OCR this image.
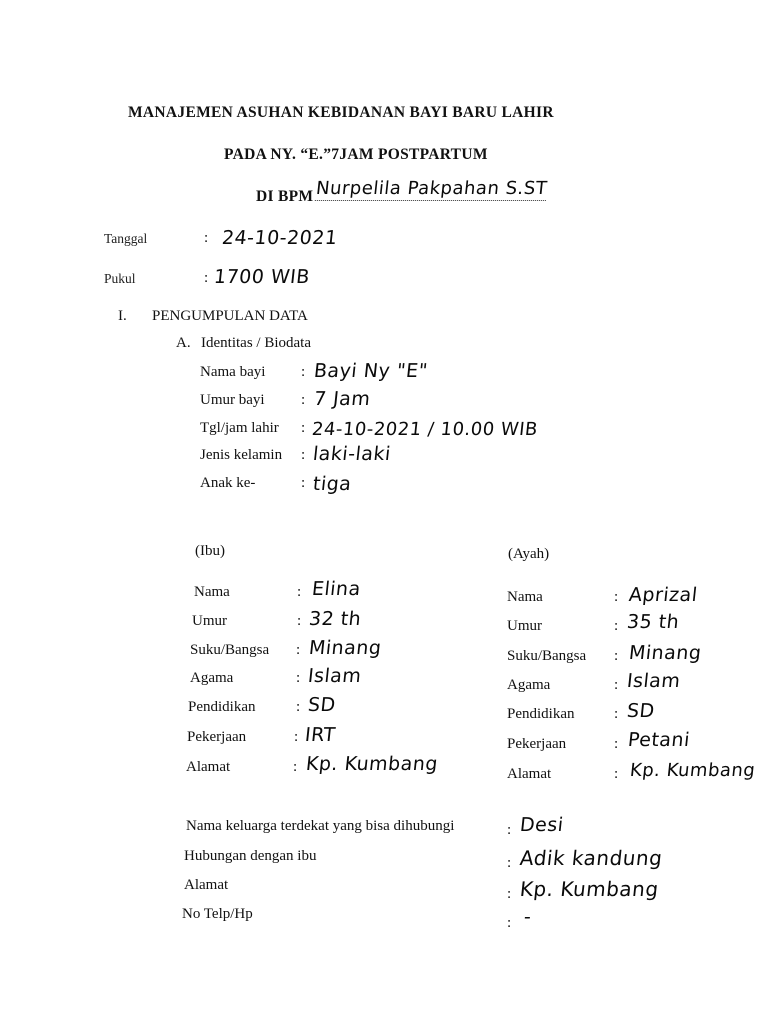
MANAJEMEN ASUHAN KEBIDANAN BAYI BARU LAHIR
PADA NY. “E.”7JAM POSTPARTUM
DI BPM Nurpelila Pakpahan S.ST
Tanggal	: 24-10-2021
Pukul	: 1700 WIB
I. PENGUMPULAN DATA
A. Identitas / Biodata
Nama bayi : Bayi Ny "E"
Umur bayi : 7 Jam
Tgl/jam lahir : 24-10-2021 / 10.00 WIB
Jenis kelamin : laki-laki
Anak ke-	: tiga
(Ibu)
Nama	: Elina
Umur	: 32 th
Suku/Bangsa : Minang
Agama	: Islam
Pendidikan	: SD
Pekerjaan	: IRT
Alamat	: Kp. Kumbang
(Ayah)
Nama	: Aprizal
Umur	: 35 th
Suku/Bangsa : Minang
Agama	: Islam
Pendidikan	: SD
Pekerjaan	: Petani
Alamat	: Kp. Kumbang
Nama keluarga terdekat yang bisa dihubungi	: Desi
Hubungan dengan ibu	: Adik kandung
Alamat
: Kp. Kumbang
No Telp/Hp
: -
